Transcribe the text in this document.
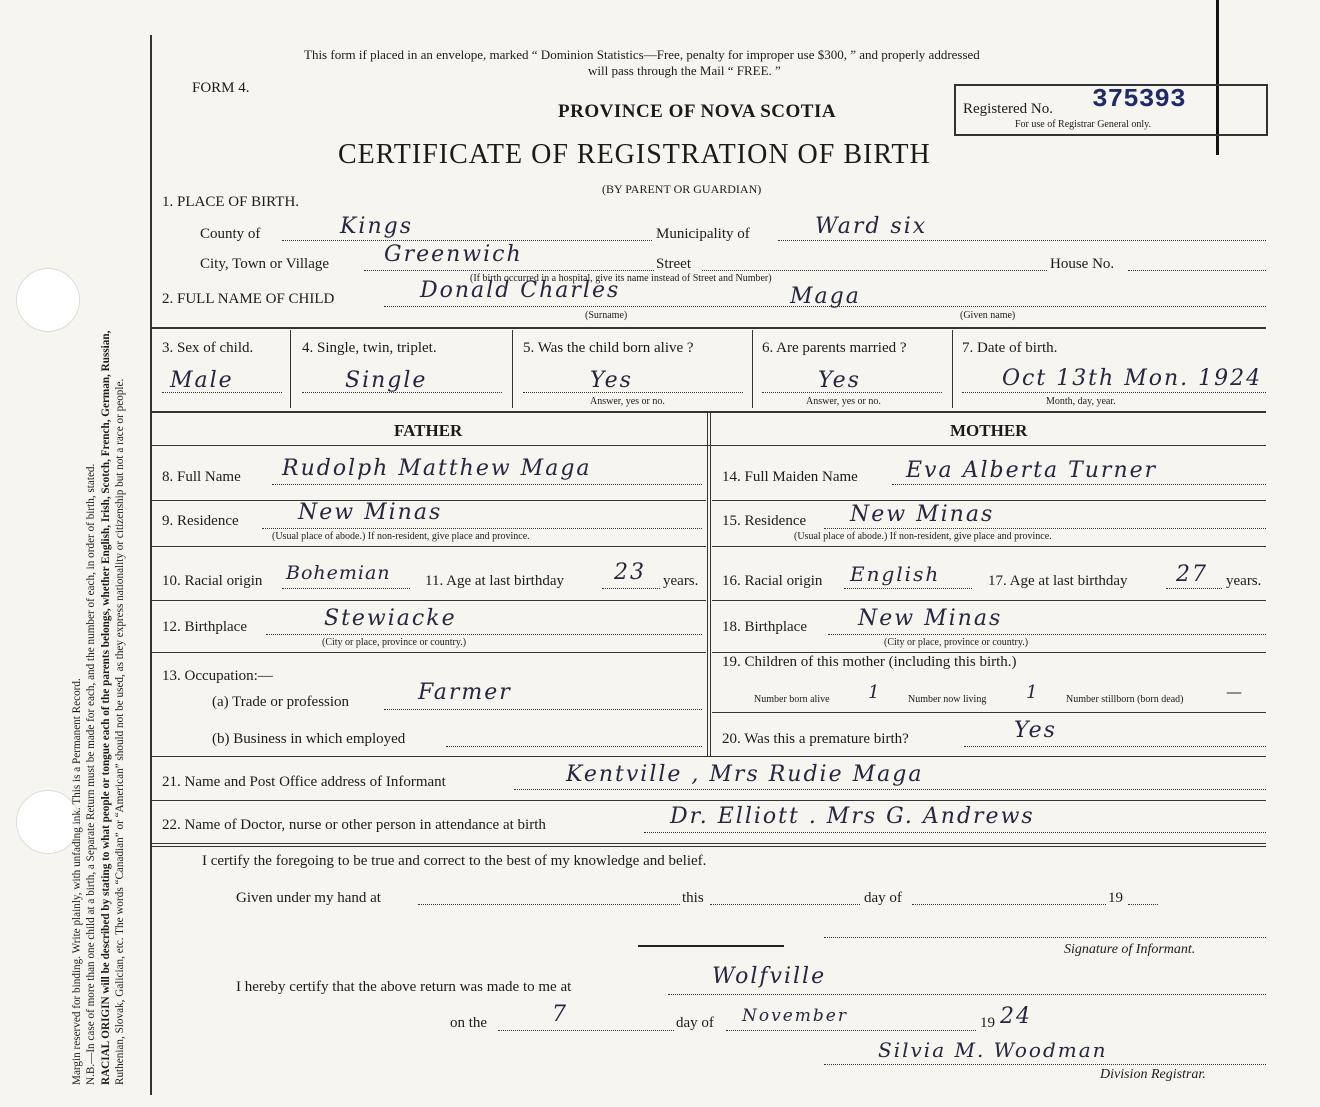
Margin reserved for binding. Write plainly, with unfading ink. This is a Permanent Record. N.B.—In case of more than one child at a birth, a Separate Return must be made for each, and the number of each, in order of birth, stated. RACIAL ORIGIN will be described by stating to what people or tongue each of the parents belongs, whether English, Irish, Scotch, French, German, Russian, Ruthenian, Slovak, Galician, etc. The words “Canadian” or “American” should not be used, as they express nationality or citizenship but not a race or people.
This form if placed in an envelope, marked “ Dominion Statistics—Free, penalty for improper use $300, ” and properly addressed
will pass through the Mail “ FREE. ”
FORM 4.
PROVINCE OF NOVA SCOTIA
CERTIFICATE OF REGISTRATION OF BIRTH
(BY PARENT OR GUARDIAN)
Registered No. 375393
For use of Registrar General only.
1. PLACE OF BIRTH.
County of	Kings	Municipality of	Ward six
City, Town or Village Greenwich	Street	House No.
(If birth occurred in a hospital, give its name instead of Street and Number)
2. FULL NAME OF CHILD	Donald Charles	Maga
(Surname)	(Given name)
3. Sex of child.
Male
4. Single, twin, triplet.
Single
5. Was the child born alive ?
Yes
Answer, yes or no.
6. Are parents married ?
Yes
Answer, yes or no.
7. Date of birth.
Oct 13th Mon. 1924
Month, day, year.
FATHER	MOTHER
8. Full Name Rudolph Matthew Maga
9. Residence	New Minas
(Usual place of abode.) If non-resident, give place and province.
10. Racial origin Bohemian 11. Age at last birthday 23 years.
12. Birthplace	Stewiacke
(City or place, province or country.)
13. Occupation:—
(a) Trade or profession	Farmer
(b) Business in which employed
14. Full Maiden Name Eva Alberta Turner
15. Residence New Minas
(Usual place of abode.) If non-resident, give place and province.
16. Racial origin English	17. Age at last birthday 27 years.
18. Birthplace New Minas
(City or place, province or country.)
19. Children of this mother (including this birth.)
Number born alive 1	Number now living 1	Number stillborn (born dead)	—
20. Was this a premature birth?	Yes
21. Name and Post Office address of Informant	Kentville , Mrs Rudie Maga
22. Name of Doctor, nurse or other person in attendance at birth	Dr. Elliott . Mrs G. Andrews
I certify the foregoing to be true and correct to the best of my knowledge and belief.
Given under my hand at	this	day of	19
Signature of Informant.
I hereby certify that the above return was made to me at	Wolfville
on the	7	day of November	19 24
Silvia M. Woodman
Division Registrar.
